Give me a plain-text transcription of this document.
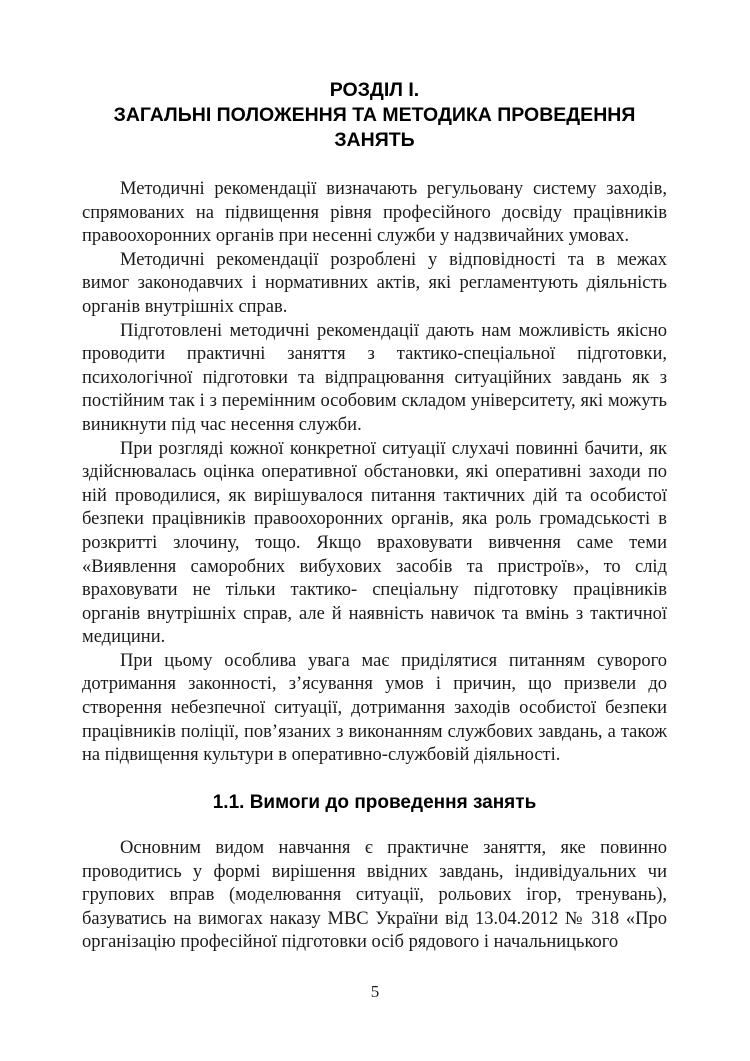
РОЗДІЛ І.
ЗАГАЛЬНІ ПОЛОЖЕННЯ ТА МЕТОДИКА ПРОВЕДЕННЯ
ЗАНЯТЬ

Методичні рекомендації визначають регульовану систему заходів, спрямованих на підвищення рівня професійного досвіду працівників правоохоронних органів при несенні служби у надзвичайних умовах.

Методичні рекомендації розроблені у відповідності та в межах вимог законодавчих і нормативних актів, які регламентують діяльність органів внутрішніх справ.

Підготовлені методичні рекомендації дають нам можливість якісно проводити практичні заняття з тактико-спеціальної підготовки, психологічної підготовки та відпрацювання ситуаційних завдань як з постійним так і з перемінним особовим складом університету, які можуть виникнути під час несення служби.

При розгляді кожної конкретної ситуації слухачі повинні бачити, як здійснювалась оцінка оперативної обстановки, які оперативні заходи по ній проводилися, як вирішувалося питання тактичних дій та особистої безпеки працівників правоохоронних органів, яка роль громадськості в розкритті злочину, тощо. Якщо враховувати вивчення саме теми «Виявлення саморобних вибухових засобів та пристроїв», то слід враховувати не тільки тактико- спеціальну підготовку працівників органів внутрішніх справ, але й наявність навичок та вмінь з тактичної медицини.

При цьому особлива увага має приділятися питанням суворого дотримання законності, з’ясування умов і причин, що призвели до створення небезпечної ситуації, дотримання заходів особистої безпеки працівників поліції, пов’язаних з виконанням службових завдань, а також на підвищення культури в оперативно-службовій діяльності.

1.1. Вимоги до проведення занять

Основним видом навчання є практичне заняття, яке повинно проводитись у формі вирішення ввідних завдань, індивідуальних чи групових вправ (моделювання ситуації, рольових ігор, тренувань), базуватись на вимогах наказу МВС України від 13.04.2012 № 318 «Про організацію професійної підготовки осіб рядового і начальницького

5
